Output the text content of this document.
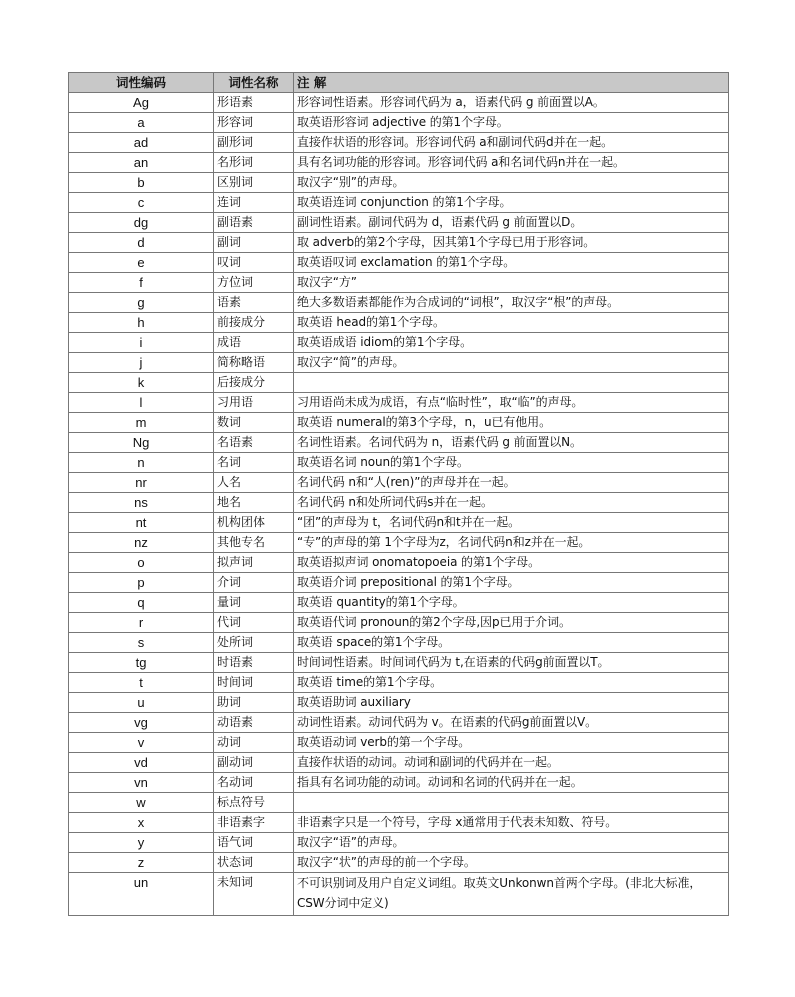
词性编码	词性名称	注 解
Ag	形语素	形容词性语素。形容词代码为 a，语素代码 g 前面置以A。
a	形容词	取英语形容词 adjective 的第1个字母。
ad	副形词	直接作状语的形容词。形容词代码 a和副词代码d并在一起。
an	名形词	具有名词功能的形容词。形容词代码 a和名词代码n并在一起。
b	区别词	取汉字“别”的声母。
c	连词	取英语连词 conjunction 的第1个字母。
dg	副语素	副词性语素。副词代码为 d，语素代码 g 前面置以D。
d	副词	取 adverb的第2个字母，因其第1个字母已用于形容词。
e	叹词	取英语叹词 exclamation 的第1个字母。
f	方位词	取汉字“方”
g	语素	绝大多数语素都能作为合成词的“词根”，取汉字“根”的声母。
h	前接成分	取英语 head的第1个字母。
i	成语	取英语成语 idiom的第1个字母。
j	简称略语	取汉字“简”的声母。
k	后接成分	
l	习用语	习用语尚未成为成语，有点“临时性”，取“临”的声母。
m	数词	取英语 numeral的第3个字母，n，u已有他用。
Ng	名语素	名词性语素。名词代码为 n，语素代码 g 前面置以N。
n	名词	取英语名词 noun的第1个字母。
nr	人名	名词代码 n和“人(ren)”的声母并在一起。
ns	地名	名词代码 n和处所词代码s并在一起。
nt	机构团体	“团”的声母为 t，名词代码n和t并在一起。
nz	其他专名	“专”的声母的第 1个字母为z，名词代码n和z并在一起。
o	拟声词	取英语拟声词 onomatopoeia 的第1个字母。
p	介词	取英语介词 prepositional 的第1个字母。
q	量词	取英语 quantity的第1个字母。
r	代词	取英语代词 pronoun的第2个字母,因p已用于介词。
s	处所词	取英语 space的第1个字母。
tg	时语素	时间词性语素。时间词代码为 t,在语素的代码g前面置以T。
t	时间词	取英语 time的第1个字母。
u	助词	取英语助词 auxiliary
vg	动语素	动词性语素。动词代码为 v。在语素的代码g前面置以V。
v	动词	取英语动词 verb的第一个字母。
vd	副动词	直接作状语的动词。动词和副词的代码并在一起。
vn	名动词	指具有名词功能的动词。动词和名词的代码并在一起。
w	标点符号	
x	非语素字	非语素字只是一个符号，字母 x通常用于代表未知数、符号。
y	语气词	取汉字“语”的声母。
z	状态词	取汉字“状”的声母的前一个字母。
un	未知词	不可识别词及用户自定义词组。取英文Unkonwn首两个字母。(非北大标准，CSW分词中定义)
